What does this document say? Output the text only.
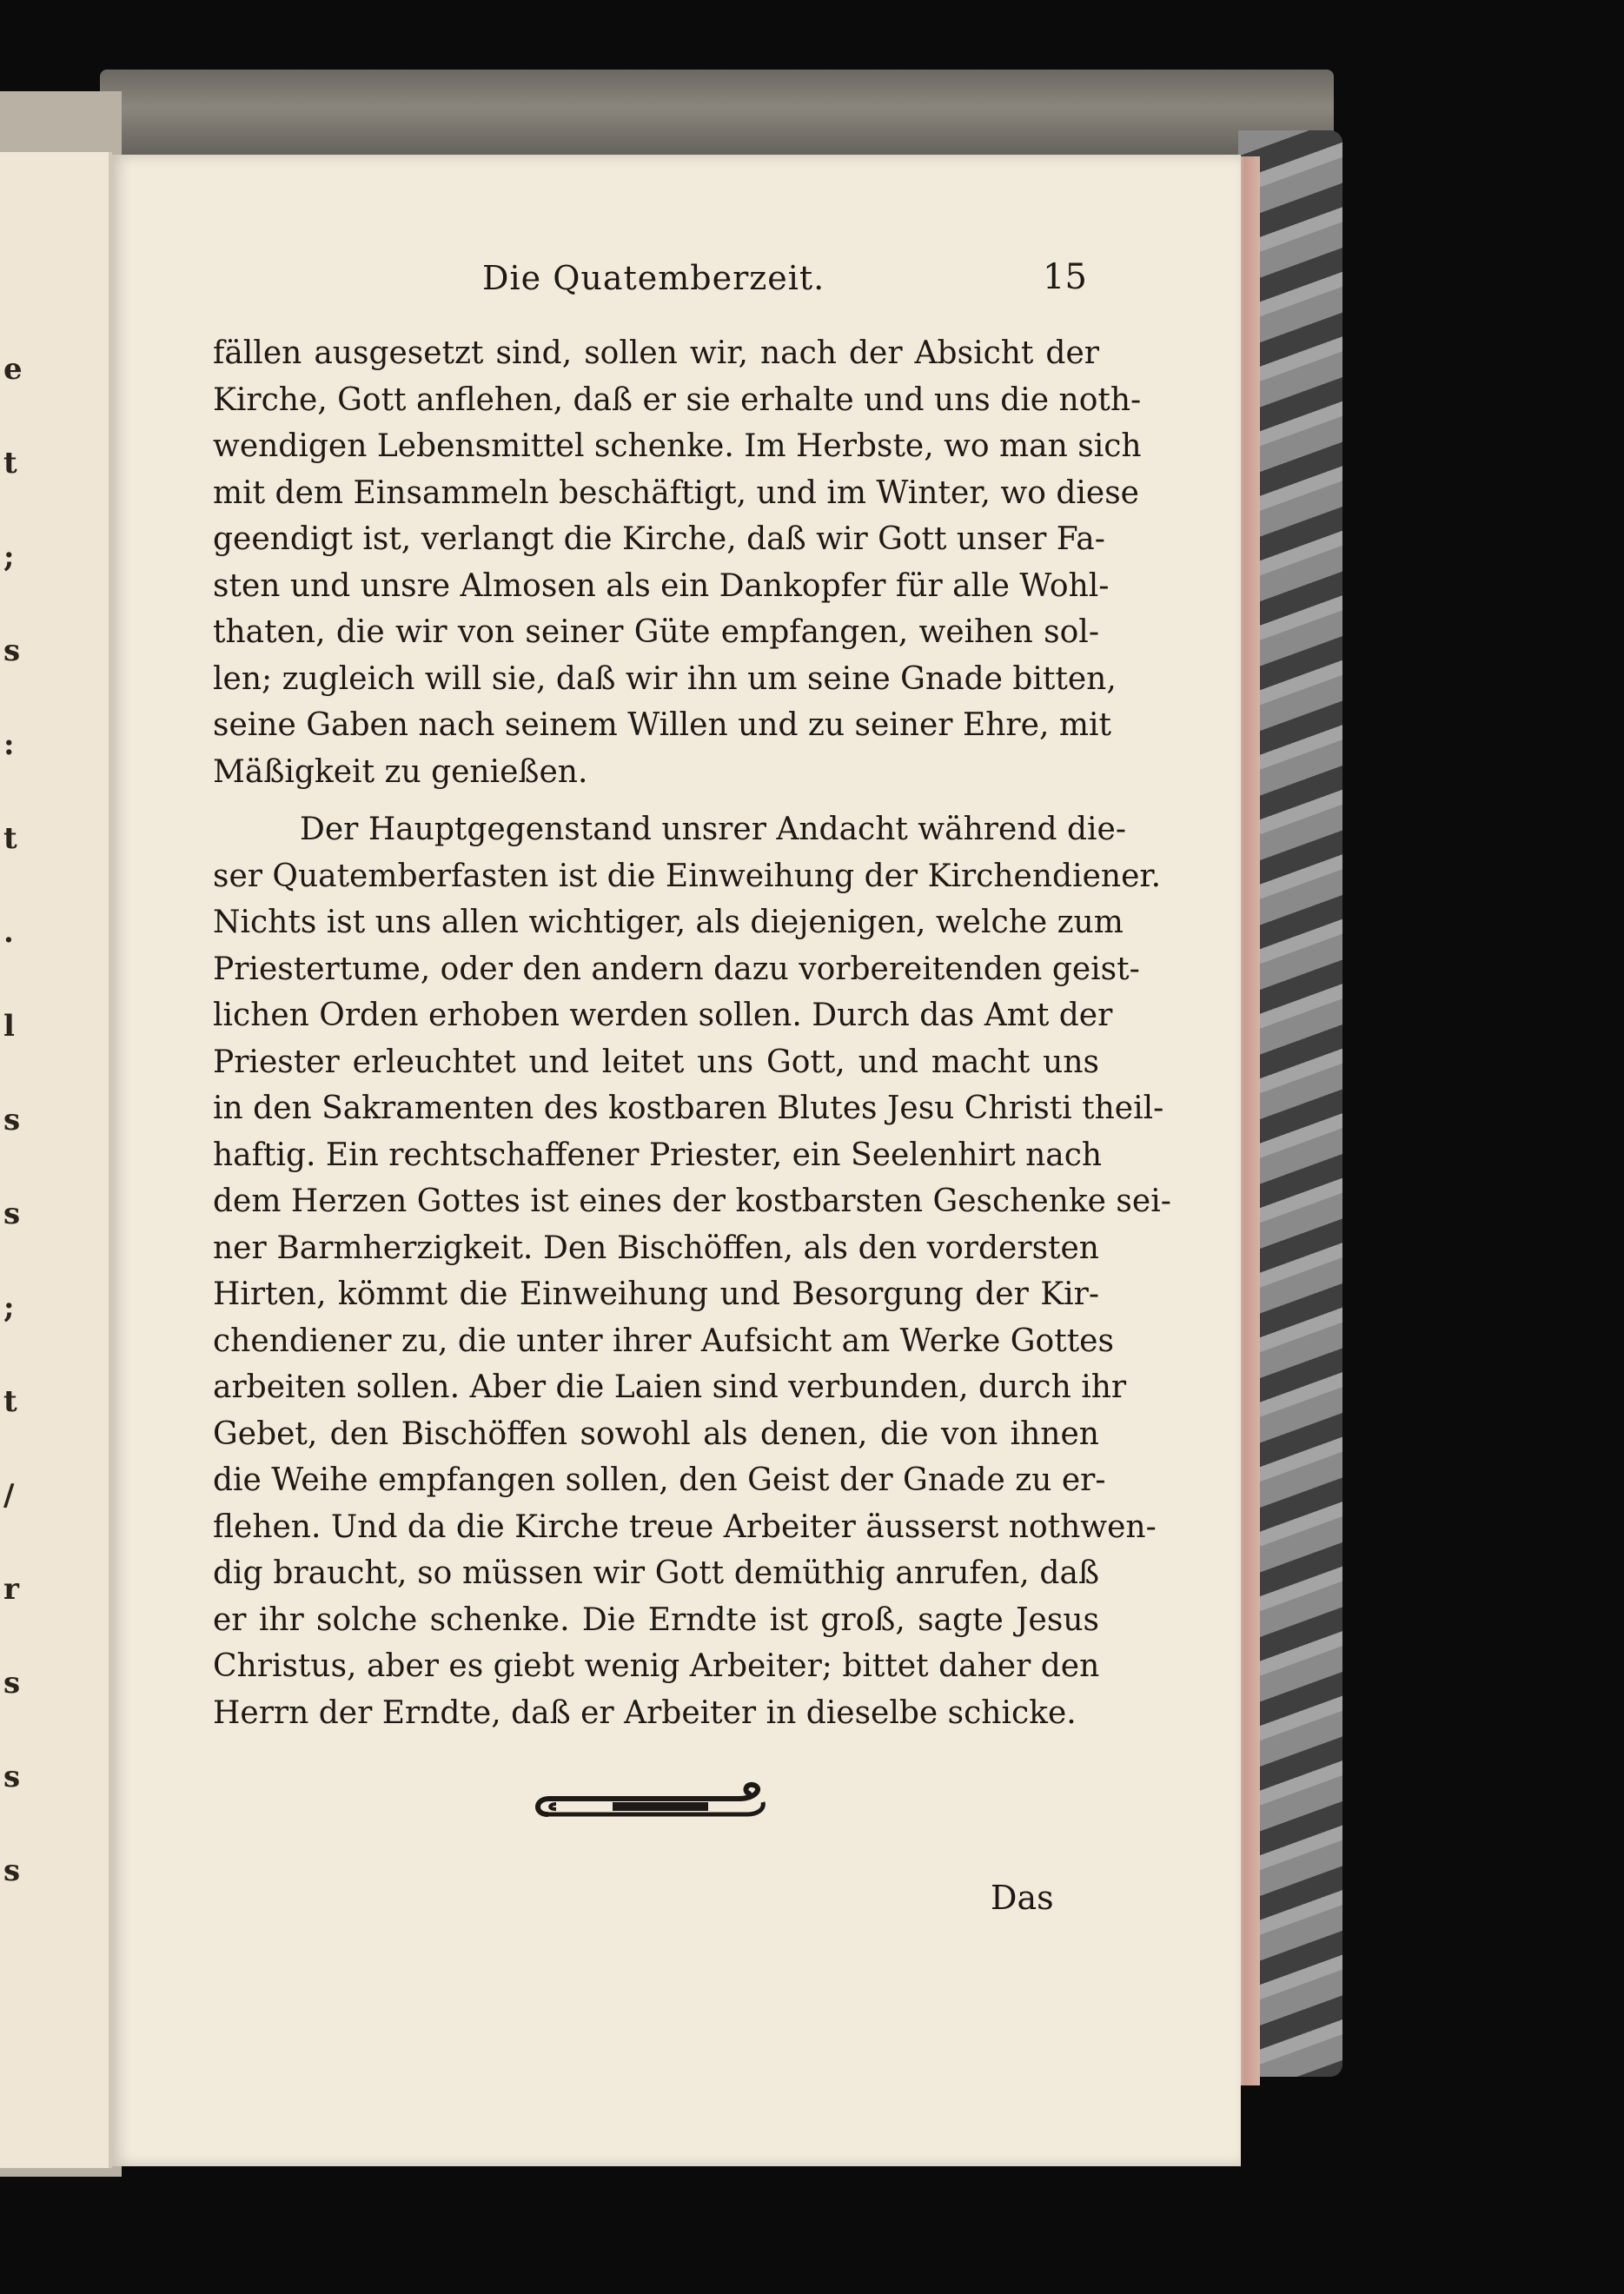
e
t
;
s
:
t
.
l
s
s
;
t
/
r
s
s
s
Die Quatemberzeit.	15
fällen ausgesetzt sind, sollen wir, nach der Absicht der
Kirche, Gott anflehen, daß er sie erhalte und uns die noth-
wendigen Lebensmittel schenke. Im Herbste, wo man sich
mit dem Einsammeln beschäftigt, und im Winter, wo diese
geendigt ist, verlangt die Kirche, daß wir Gott unser Fa-
sten und unsre Almosen als ein Dankopfer für alle Wohl-
thaten, die wir von seiner Güte empfangen, weihen sol-
len; zugleich will sie, daß wir ihn um seine Gnade bitten,
seine Gaben nach seinem Willen und zu seiner Ehre, mit
Mäßigkeit zu genießen.
Der Hauptgegenstand unsrer Andacht während die-
ser Quatemberfasten ist die Einweihung der Kirchendiener.
Nichts ist uns allen wichtiger, als diejenigen, welche zum
Priestertume, oder den andern dazu vorbereitenden geist-
lichen Orden erhoben werden sollen. Durch das Amt der
Priester erleuchtet und leitet uns Gott, und macht uns
in den Sakramenten des kostbaren Blutes Jesu Christi theil-
haftig. Ein rechtschaffener Priester, ein Seelenhirt nach
dem Herzen Gottes ist eines der kostbarsten Geschenke sei-
ner Barmherzigkeit. Den Bischöffen, als den vordersten
Hirten, kömmt die Einweihung und Besorgung der Kir-
chendiener zu, die unter ihrer Aufsicht am Werke Gottes
arbeiten sollen. Aber die Laien sind verbunden, durch ihr
Gebet, den Bischöffen sowohl als denen, die von ihnen
die Weihe empfangen sollen, den Geist der Gnade zu er-
flehen. Und da die Kirche treue Arbeiter äusserst nothwen-
dig braucht, so müssen wir Gott demüthig anrufen, daß
er ihr solche schenke. Die Erndte ist groß, sagte Jesus
Christus, aber es giebt wenig Arbeiter; bittet daher den
Herrn der Erndte, daß er Arbeiter in dieselbe schicke.
Das
